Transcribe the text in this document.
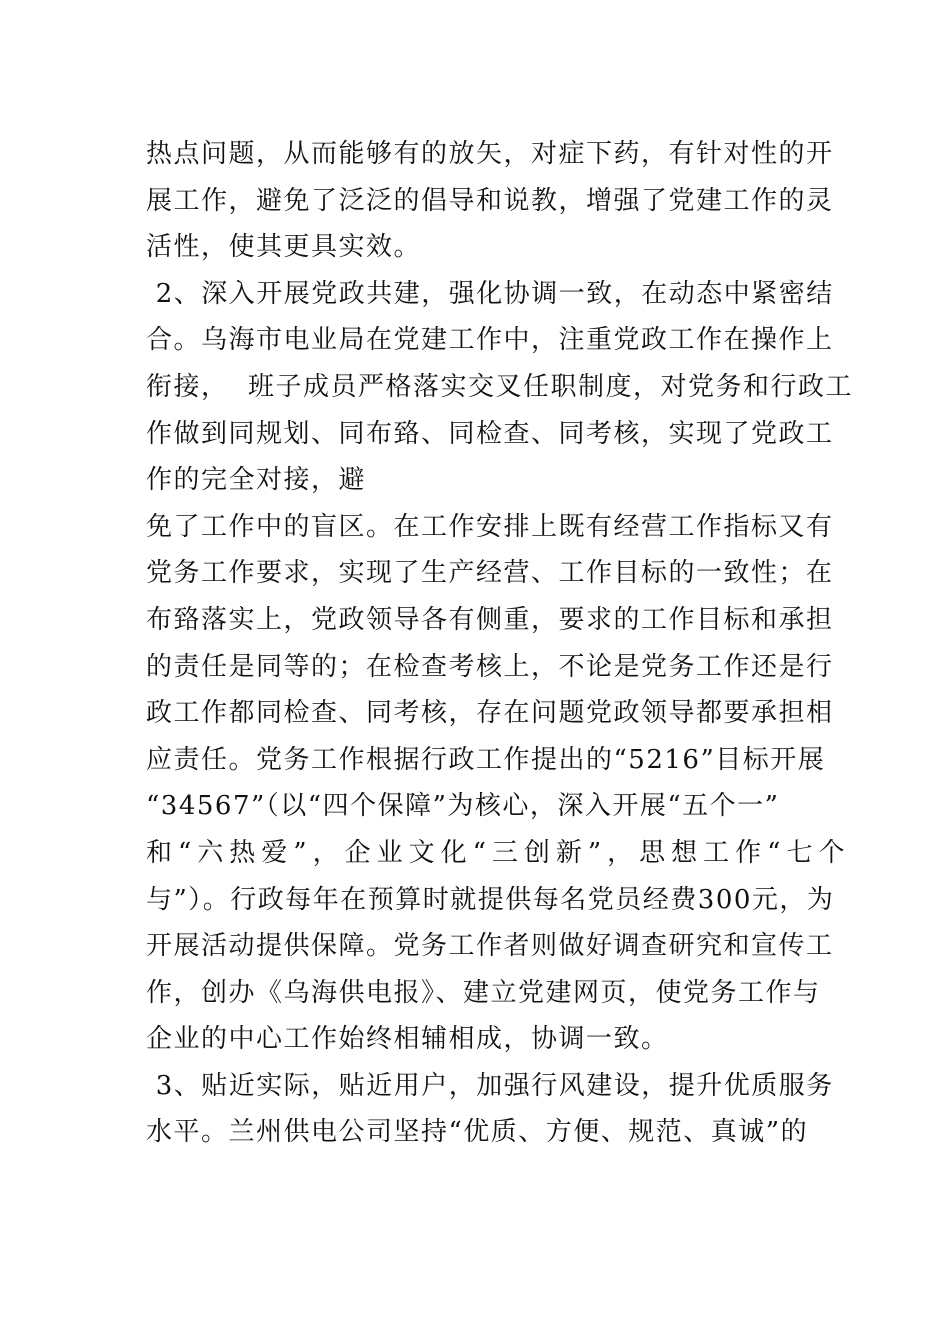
热点问题，从而能够有的放矢，对症下药，有针对性的开
展工作，避免了泛泛的倡导和说教，增强了党建工作的灵
活性，使其更具实效。
2、深入开展党政共建，强化协调一致，在动态中紧密结
合。乌海市电业局在党建工作中，注重党政工作在操作上
衔接，  班子成员严格落实交叉任职制度，对党务和行政工
作做到同规划、同布臵、同检查、同考核，实现了党政工
作的完全对接，避
免了工作中的盲区。在工作安排上既有经营工作指标又有
党务工作要求，实现了生产经营、工作目标的一致性；在
布臵落实上，党政领导各有侧重，要求的工作目标和承担
的责任是同等的；在检查考核上，不论是党务工作还是行
政工作都同检查、同考核，存在问题党政领导都要承担相
应责任。党务工作根据行政工作提出的“5216”目标开展
“34567”（以“四个保障”为核心，深入开展“五个一”
和“六热爱”，企业文化“三创新”，思想工作“七个
与”）。行政每年在预算时就提供每名党员经费300元，为
开展活动提供保障。党务工作者则做好调查研究和宣传工
作，创办《乌海供电报》、建立党建网页，使党务工作与
企业的中心工作始终相辅相成，协调一致。
3、贴近实际，贴近用户，加强行风建设，提升优质服务
水平。兰州供电公司坚持“优质、方便、规范、真诚”的
